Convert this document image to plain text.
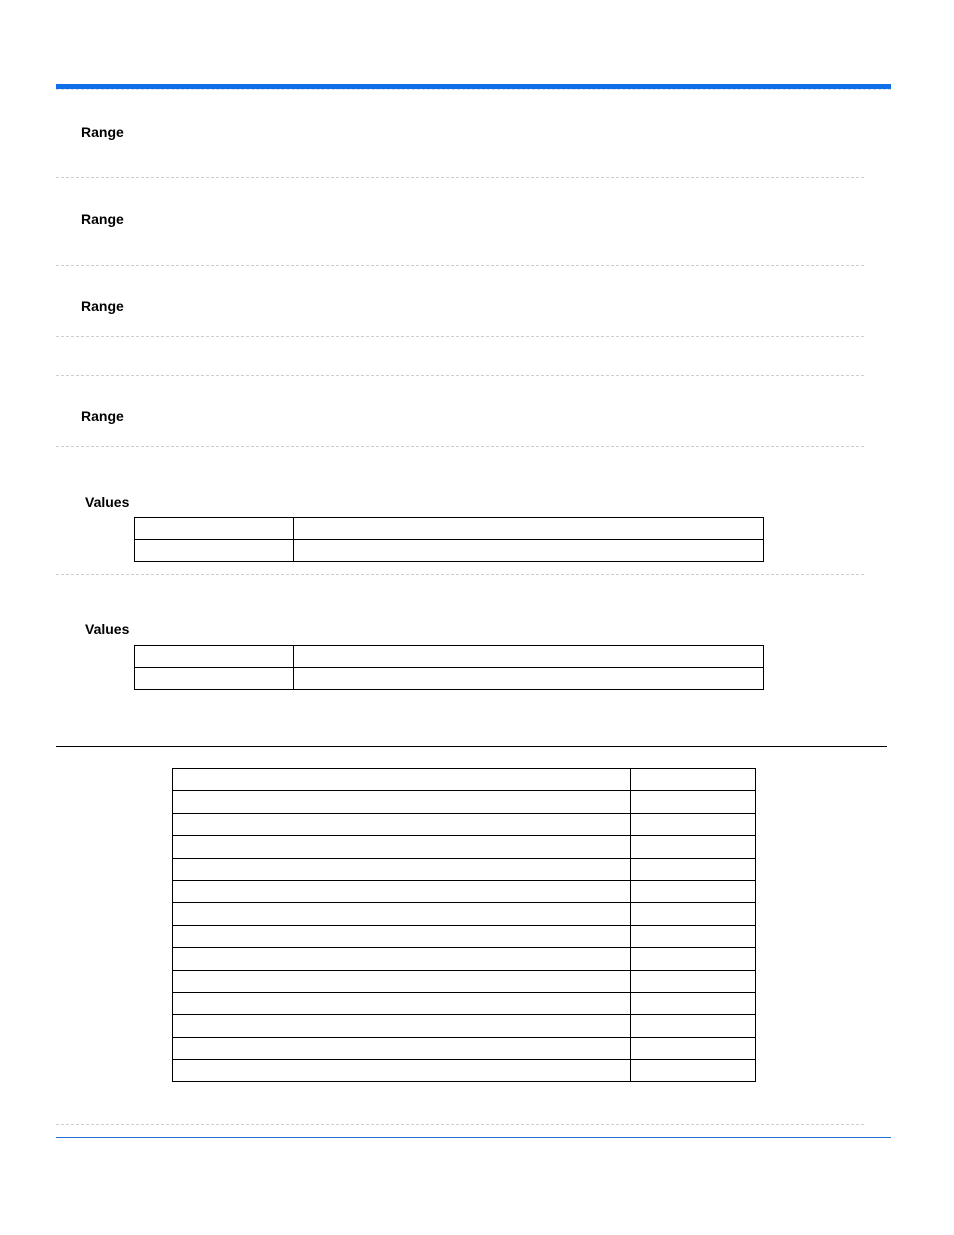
Range
Range
Range
Range
Values

Values
